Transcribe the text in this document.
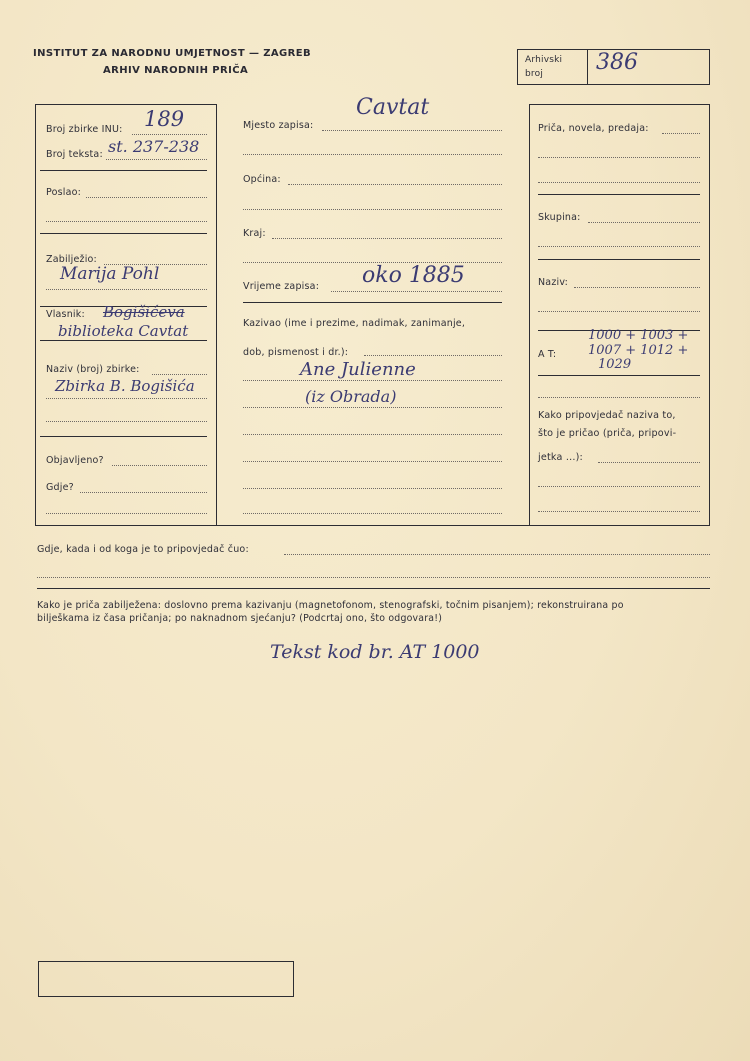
INSTITUT ZA NARODNU UMJETNOST — ZAGREB
ARHIV NARODNIH PRIČA
Arhivski
broj 386
Broj zbirke INU: 189
Broj teksta: st. 237-238
Poslao:
Zabilježio:
Marija Pohl
Vlasnik: Bogišićeva
biblioteka Cavtat
Naziv (broj) zbirke:
Zbirka B. Bogišića
Objavljeno?
Gdje?
Mjesto zapisa:
Cavtat
Općina:
Kraj:
Vrijeme zapisa: oko 1885
Kazivao (ime i prezime, nadimak, zanimanje,
dob, pismenost i dr.):
Ane Julienne
(iz Obrada)
Priča, novela, predaja:
Skupina:
Naziv:
A T:
1000 + 1003 +
1007 + 1012 +
1029
Kako pripovjedač naziva to,
što je pričao (priča, pripovi-
jetka ...):
Gdje, kada i od koga je to pripovjedač čuo:
Kako je priča zabilježena: doslovno prema kazivanju (magnetofonom, stenografski, točnim pisanjem); rekonstruirana po
bilješkama iz časa pričanja; po naknadnom sjećanju? (Podcrtaj ono, što odgovara!)
Tekst kod br. AT 1000
